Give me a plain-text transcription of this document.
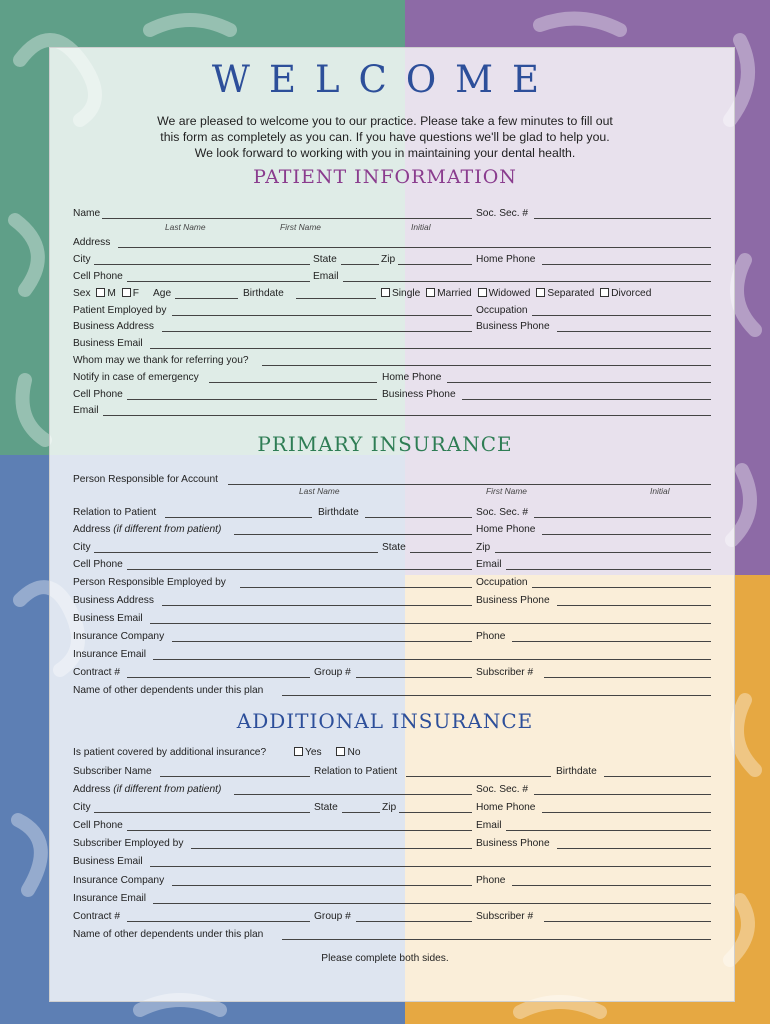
WELCOME
We are pleased to welcome you to our practice. Please take a few minutes to fill out
this form as completely as you can. If you have questions we'll be glad to help you.
We look forward to working with you in maintaining your dental health.
PATIENT INFORMATION
Name	Soc. Sec. #
Last Name	First Name	Initial
Address
City	State	Zip	Home Phone
Cell Phone	Email
Sex M F Age	Birthdate	Single Married Widowed Separated Divorced
Patient Employed by	Occupation
Business Address	Business Phone
Business Email
Whom may we thank for referring you?
Notify in case of emergency	Home Phone
Cell Phone	Business Phone
Email
PRIMARY INSURANCE
Person Responsible for Account
Last Name	First Name	Initial
Relation to Patient	Birthdate	Soc. Sec. #
Address (if different from patient)	Home Phone
City	State	Zip
Cell Phone	Email
Person Responsible Employed by	Occupation
Business Address	Business Phone
Business Email
Insurance Company	Phone
Insurance Email
Contract #	Group #	Subscriber #
Name of other dependents under this plan
ADDITIONAL INSURANCE
Is patient covered by additional insurance?	Yes	No
Subscriber Name	Relation to Patient	Birthdate
Address (if different from patient)	Soc. Sec. #
City	State	Zip	Home Phone
Cell Phone	Email
Subscriber Employed by	Business Phone
Business Email
Insurance Company	Phone
Insurance Email
Contract #	Group #	Subscriber #
Name of other dependents under this plan
Please complete both sides.
